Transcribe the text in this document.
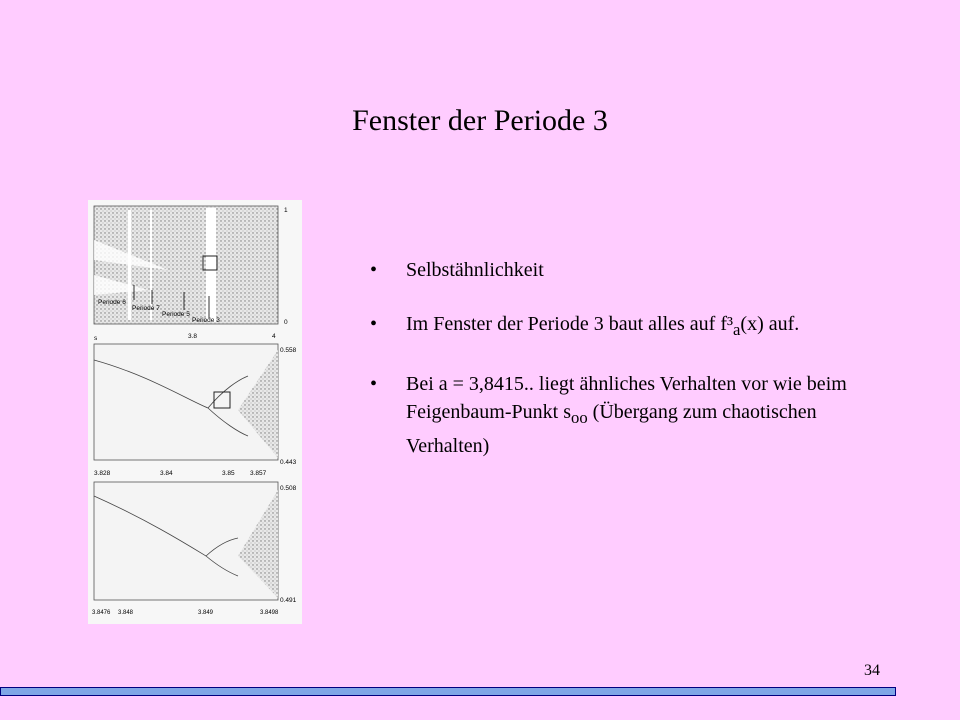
Fenster der Periode 3
Periode 6
Periode 7
Periode 5
Periode 3
1
0
s	3.8	4
0.558
0.443
3.828	3.84	3.85 3.857
0.508
0.491
3.8476 3.848	3.849	3.8498
• Selbstähnlichkeit
• Im Fenster der Periode 3 baut alles auf $f^3_a(x)$ auf.
• Bei a = 3,8415.. liegt ähnliches Verhalten vor wie beim Feigenbaum-Punkt $s_{oo}$ (Übergang zum chaotischen Verhalten)
34
